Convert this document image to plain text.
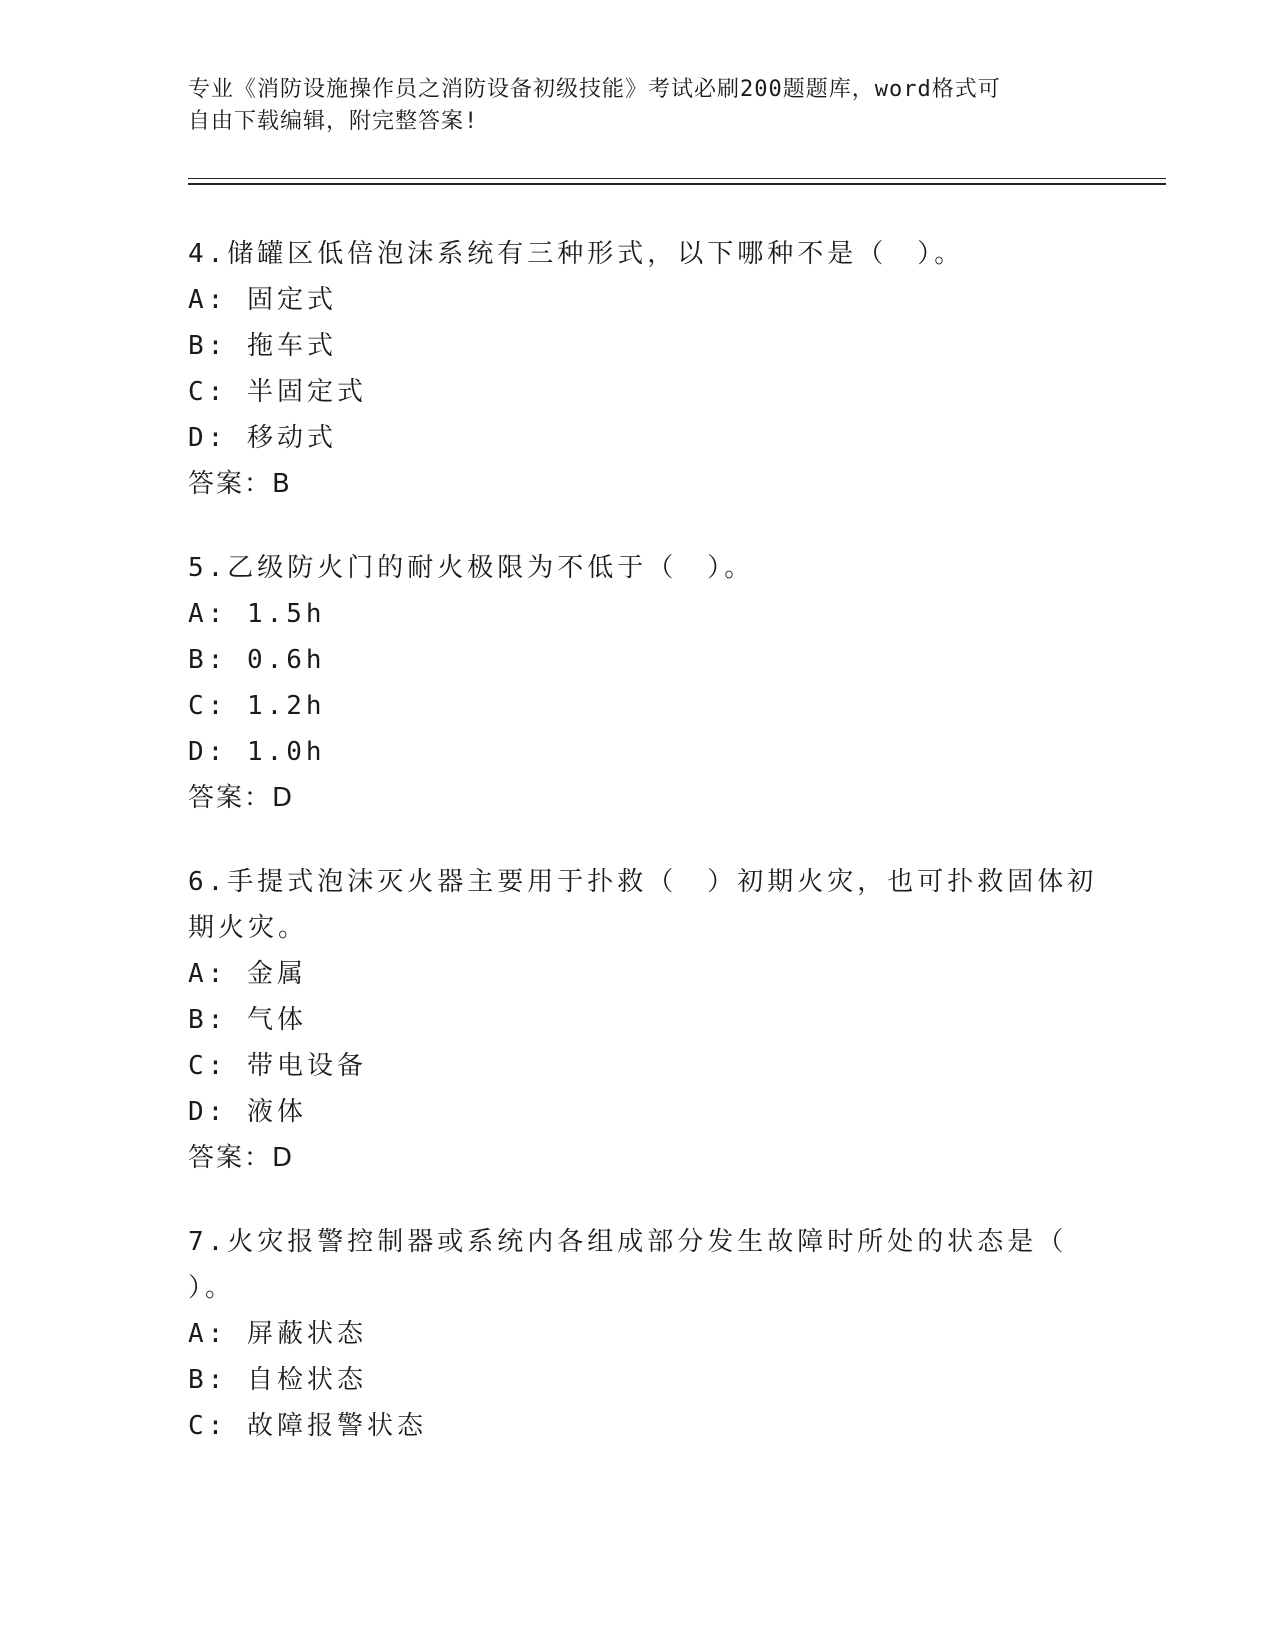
专业《消防设施操作员之消防设备初级技能》考试必刷200题题库，word格式可
自由下载编辑，附完整答案!
4.储罐区低倍泡沫系统有三种形式，以下哪种不是（　）。
A: 固定式
B: 拖车式
C: 半固定式
D: 移动式
答案：B
5.乙级防火门的耐火极限为不低于（　）。
A: 1.5h
B: 0.6h
C: 1.2h
D: 1.0h
答案：D
6.手提式泡沫灭火器主要用于扑救（　）初期火灾，也可扑救固体初
期火灾。
A: 金属
B: 气体
C: 带电设备
D: 液体
答案：D
7.火灾报警控制器或系统内各组成部分发生故障时所处的状态是（
）。
A: 屏蔽状态
B: 自检状态
C: 故障报警状态
